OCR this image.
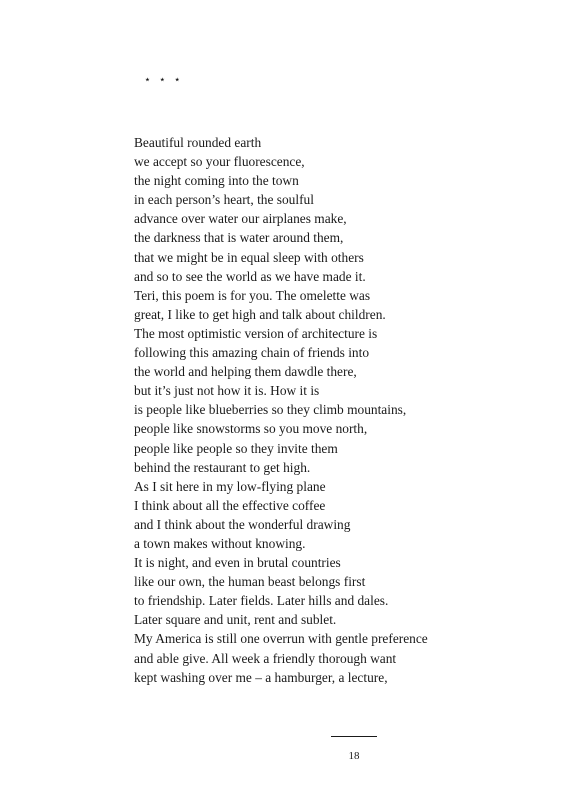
⋆ ⋆ ⋆
Beautiful rounded earth
we accept so your fluorescence,
the night coming into the town
in each person’s heart, the soulful
advance over water our airplanes make,
the darkness that is water around them,
that we might be in equal sleep with others
and so to see the world as we have made it.
Teri, this poem is for you. The omelette was
great, I like to get high and talk about children.
The most optimistic version of architecture is
following this amazing chain of friends into
the world and helping them dawdle there,
but it’s just not how it is. How it is
is people like blueberries so they climb mountains,
people like snowstorms so you move north,
people like people so they invite them
behind the restaurant to get high.
As I sit here in my low-flying plane
I think about all the effective coffee
and I think about the wonderful drawing
a town makes without knowing.
It is night, and even in brutal countries
like our own, the human beast belongs first
to friendship. Later fields. Later hills and dales.
Later square and unit, rent and sublet.
My America is still one overrun with gentle preference
and able give. All week a friendly thorough want
kept washing over me – a hamburger, a lecture,
18
